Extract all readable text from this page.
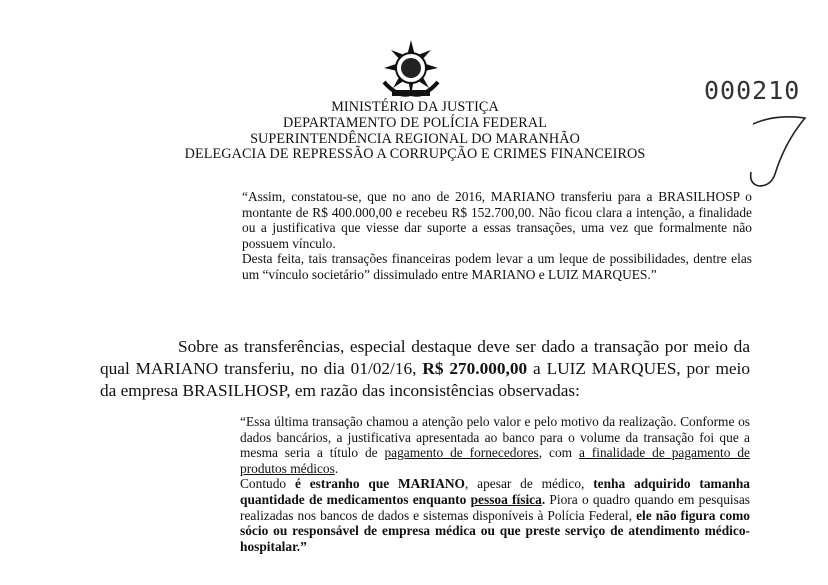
000210
MINISTÉRIO DA JUSTIÇA
DEPARTAMENTO DE POLÍCIA FEDERAL
SUPERINTENDÊNCIA REGIONAL DO MARANHÃO
DELEGACIA DE REPRESSÃO A CORRUPÇÃO E CRIMES FINANCEIROS

“Assim, constatou-se, que no ano de 2016, MARIANO transferiu para a BRASILHOSP o montante de R$ 400.000,00 e recebeu R$ 152.700,00. Não ficou clara a intenção, a finalidade ou a justificativa que viesse dar suporte a essas transações, uma vez que formalmente não possuem vínculo.

Desta feita, tais transações financeiras podem levar a um leque de possibilidades, dentre elas um “vínculo societário” dissimulado entre MARIANO e LUIZ MARQUES.”

Sobre as transferências, especial destaque deve ser dado a transação por meio da qual MARIANO transferiu, no dia 01/02/16, R$ 270.000,00 a LUIZ MARQUES, por meio da empresa BRASILHOSP, em razão das inconsistências observadas:

“Essa última transação chamou a atenção pelo valor e pelo motivo da realização. Conforme os dados bancários, a justificativa apresentada ao banco para o volume da transação foi que a mesma seria a título de pagamento de fornecedores, com a finalidade de pagamento de produtos médicos.

Contudo é estranho que MARIANO, apesar de médico, tenha adquirido tamanha quantidade de medicamentos enquanto pessoa física. Piora o quadro quando em pesquisas realizadas nos bancos de dados e sistemas disponíveis à Polícia Federal, ele não figura como sócio ou responsável de empresa médica ou que preste serviço de atendimento médico-hospitalar.”
